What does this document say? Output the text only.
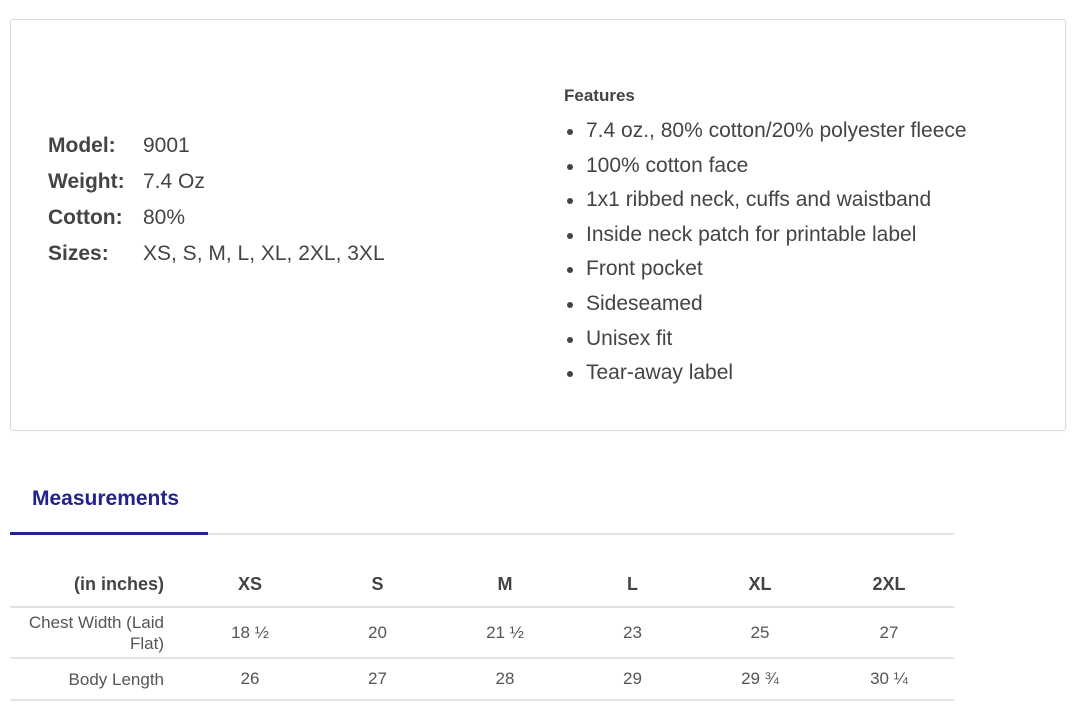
Model:	9001
Weight:	7.4 Oz
Cotton:	80%
Sizes:	XS, S, M, L, XL, 2XL, 3XL
Features
7.4 oz., 80% cotton/20% polyester fleece
100% cotton face
1x1 ribbed neck, cuffs and waistband
Inside neck patch for printable label
Front pocket
Sideseamed
Unisex fit
Tear-away label
Measurements
(in inches)	XS	S	M	L	XL	2XL
Chest Width (Laid Flat)	18 ½	20	21 ½	23	25	27
Body Length	26	27	28	29	29 ¾	30 ¼
